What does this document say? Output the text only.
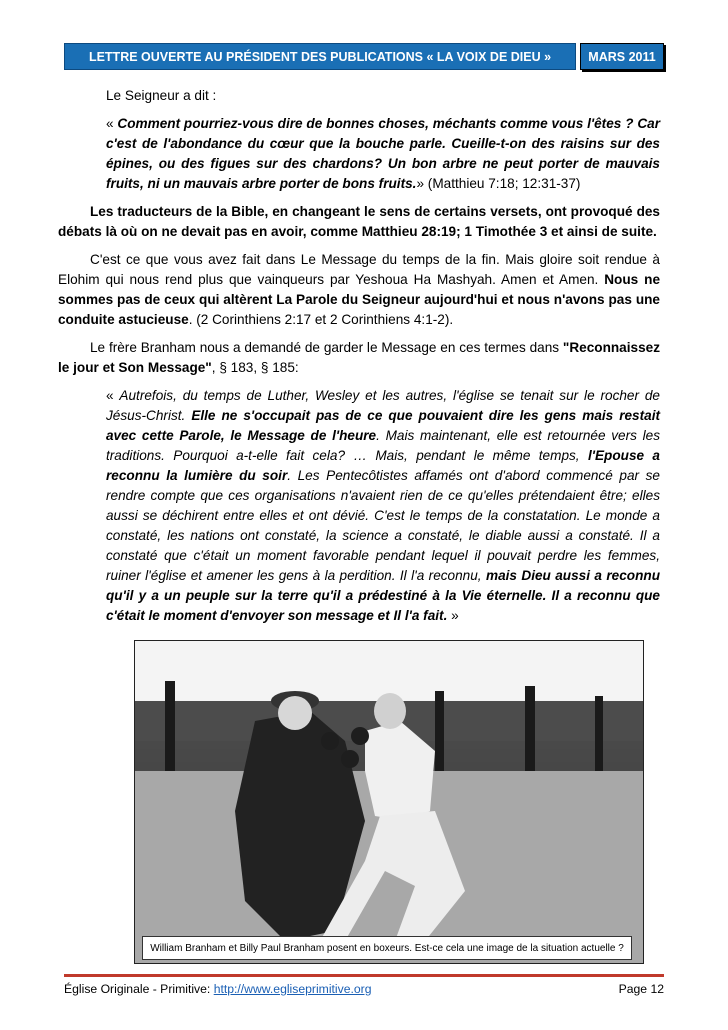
LETTRE OUVERTE AU PRÉSIDENT DES PUBLICATIONS « LA VOIX DE DIEU »	MARS 2011

Le Seigneur a dit :

« Comment pourriez-vous dire de bonnes choses, méchants comme vous l'êtes ? Car c'est de l'abondance du cœur que la bouche parle. Cueille-t-on des raisins sur des épines, ou des figues sur des chardons? Un bon arbre ne peut porter de mauvais fruits, ni un mauvais arbre porter de bons fruits.» (Matthieu 7:18; 12:31-37)

Les traducteurs de la Bible, en changeant le sens de certains versets, ont provoqué des débats là où on ne devait pas en avoir, comme Matthieu 28:19; 1 Timothée 3 et ainsi de suite.

C'est ce que vous avez fait dans Le Message du temps de la fin. Mais gloire soit rendue à Elohim qui nous rend plus que vainqueurs par Yeshoua Ha Mashyah. Amen et Amen. Nous ne sommes pas de ceux qui altèrent La Parole du Seigneur aujourd'hui et nous n'avons pas une conduite astucieuse. (2 Corinthiens 2:17 et 2 Corinthiens 4:1-2).

Le frère Branham nous a demandé de garder le Message en ces termes dans "Reconnaissez le jour et Son Message", § 183, § 185:

« Autrefois, du temps de Luther, Wesley et les autres, l'église se tenait sur le rocher de Jésus-Christ. Elle ne s'occupait pas de ce que pouvaient dire les gens mais restait avec cette Parole, le Message de l'heure. Mais maintenant, elle est retournée vers les traditions. Pourquoi a-t-elle fait cela? … Mais, pendant le même temps, l'Epouse a reconnu la lumière du soir. Les Pentecôtistes affamés ont d'abord commencé par se rendre compte que ces organisations n'avaient rien de ce qu'elles prétendaient être; elles aussi se déchirent entre elles et ont dévié. C'est le temps de la constatation. Le monde a constaté, les nations ont constaté, la science a constaté, le diable aussi a constaté. Il a constaté que c'était un moment favorable pendant lequel il pouvait perdre les femmes, ruiner l'église et amener les gens à la perdition. Il l'a reconnu, mais Dieu aussi a reconnu qu'il y a un peuple sur la terre qu'il a prédestiné à la Vie éternelle. Il a reconnu que c'était le moment d'envoyer son message et Il l'a fait. »

William Branham et Billy Paul Branham posent en boxeurs. Est-ce cela une image de la situation actuelle ?
Église Originale - Primitive: http://www.egliseprimitive.org	Page 12
